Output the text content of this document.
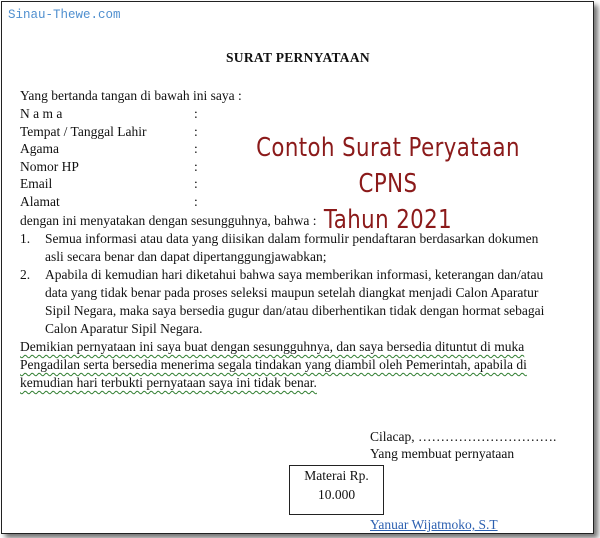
Sinau-Thewe.com
SURAT PERNYATAAN
Yang bertanda tangan di bawah ini saya :
N a m a	:
Tempat / Tanggal Lahir	:
Agama	:
Nomor HP	:
Email	:
Alamat	:
dengan ini menyatakan dengan sesungguhnya, bahwa :
1. Semua informasi atau data yang diisikan dalam formulir pendaftaran berdasarkan dokumen
asli secara benar dan dapat dipertanggungjawabkan;
2. Apabila di kemudian hari diketahui bahwa saya memberikan informasi, keterangan dan/atau
data yang tidak benar pada proses seleksi maupun setelah diangkat menjadi Calon Aparatur
Sipil Negara, maka saya bersedia gugur dan/atau diberhentikan tidak dengan hormat sebagai
Calon Aparatur Sipil Negara.
Demikian pernyataan ini saya buat dengan sesungguhnya, dan saya bersedia dituntut di muka
Pengadilan serta bersedia menerima segala tindakan yang diambil oleh Pemerintah, apabila di
kemudian hari terbukti pernyataan saya ini tidak benar.
Contoh Surat Peryataan CPNS
Tahun 2021
Cilacap, ………………………….
Yang membuat pernyataan
Materai Rp.
10.000
Yanuar Wijatmoko, S.T
